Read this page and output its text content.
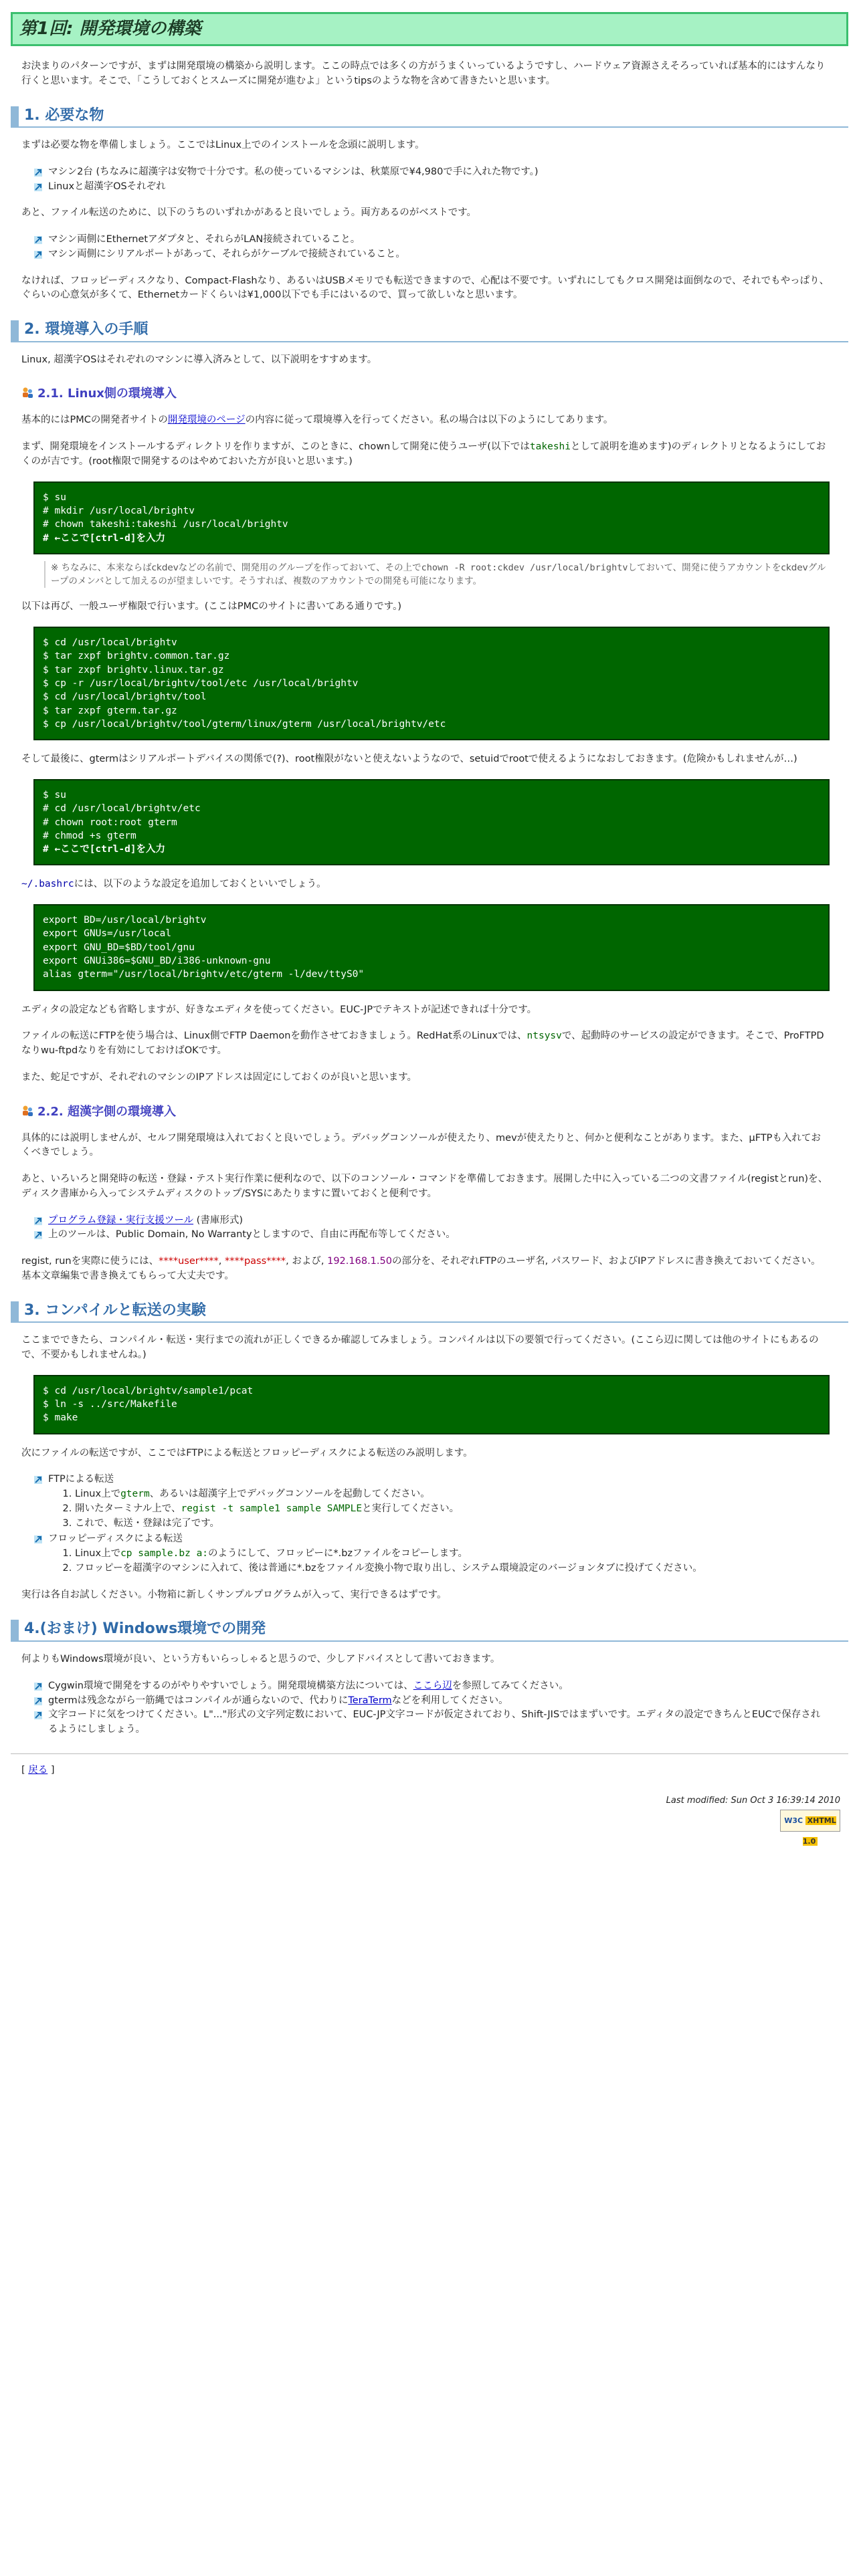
第1回: 開発環境の構築

お決まりのパターンですが、まずは開発環境の構築から説明します。ここの時点では多くの方がうまくいっているようですし、ハードウェア資源さえそろっていれば基本的にはすんなり行くと思います。そこで、「こうしておくとスムーズに開発が進むよ」というtipsのような物を含めて書きたいと思います。

1. 必要な物

まずは必要な物を準備しましょう。ここではLinux上でのインストールを念頭に説明します。

マシン2台 (ちなみに超漢字は安物で十分です。私の使っているマシンは、秋葉原で¥4,980で手に入れた物です。)
Linuxと超漢字OSそれぞれ

あと、ファイル転送のために、以下のうちのいずれかがあると良いでしょう。両方あるのがベストです。

マシン両側にEthernetアダプタと、それらがLAN接続されていること。
マシン両側にシリアルポートがあって、それらがケーブルで接続されていること。

なければ、フロッピーディスクなり、Compact-Flashなり、あるいはUSBメモリでも転送できますので、心配は不要です。いずれにしてもクロス開発は面倒なので、それでもやっぱり、ぐらいの心意気が多くて、Ethernetカードくらいは¥1,000以下でも手にはいるので、買って欲しいなと思います。

2. 環境導入の手順

Linux, 超漢字OSはそれぞれのマシンに導入済みとして、以下説明をすすめます。

2.1. Linux側の環境導入

基本的にはPMCの開発者サイトの開発環境のページの内容に従って環境導入を行ってください。私の場合は以下のようにしてあります。

まず、開発環境をインストールするディレクトリを作りますが、このときに、chownして開発に使うユーザ(以下ではtakeshiとして説明を進めます)のディレクトリとなるようにしておくのが吉です。(root権限で開発するのはやめておいた方が良いと思います。)

$ su
# mkdir /usr/local/brightv
# chown takeshi:takeshi /usr/local/brightv
# ←ここで[ctrl-d]を入力
※ ちなみに、本来ならばckdevなどの名前で、開発用のグループを作っておいて、その上でchown -R root:ckdev /usr/local/brightvしておいて、開発に使うアカウントをckdevグループのメンバとして加えるのが望ましいです。そうすれば、複数のアカウントでの開発も可能になります。

以下は再び、一般ユーザ権限で行います。(ここはPMCのサイトに書いてある通りです。)

$ cd /usr/local/brightv
$ tar zxpf brightv.common.tar.gz
$ tar zxpf brightv.linux.tar.gz
$ cp -r /usr/local/brightv/tool/etc /usr/local/brightv
$ cd /usr/local/brightv/tool
$ tar zxpf gterm.tar.gz
$ cp /usr/local/brightv/tool/gterm/linux/gterm /usr/local/brightv/etc

そして最後に、gtermはシリアルポートデバイスの関係で(?)、root権限がないと使えないようなので、setuidでrootで使えるようになおしておきます。(危険かもしれませんが…)

$ su
# cd /usr/local/brightv/etc
# chown root:root gterm
# chmod +s gterm
# ←ここで[ctrl-d]を入力

~/.bashrcには、以下のような設定を追加しておくといいでしょう。

export BD=/usr/local/brightv
export GNUs=/usr/local
export GNU_BD=$BD/tool/gnu
export GNUi386=$GNU_BD/i386-unknown-gnu
alias gterm="/usr/local/brightv/etc/gterm -l/dev/ttyS0"

エディタの設定なども省略しますが、好きなエディタを使ってください。EUC-JPでテキストが記述できれば十分です。

ファイルの転送にFTPを使う場合は、Linux側でFTP Daemonを動作させておきましょう。RedHat系のLinuxでは、ntsysvで、起動時のサービスの設定ができます。そこで、ProFTPDなりwu-ftpdなりを有効にしておけばOKです。

また、蛇足ですが、それぞれのマシンのIPアドレスは固定にしておくのが良いと思います。

2.2. 超漢字側の環境導入

具体的には説明しませんが、セルフ開発環境は入れておくと良いでしょう。デバッグコンソールが使えたり、mevが使えたりと、何かと便利なことがあります。また、μFTPも入れておくべきでしょう。

あと、いろいろと開発時の転送・登録・テスト実行作業に便利なので、以下のコンソール・コマンドを準備しておきます。展開した中に入っている二つの文書ファイル(registとrun)を、ディスク書庫から入ってシステムディスクのトップ/SYSにあたりますに置いておくと便利です。

プログラム登録・実行支援ツール (書庫形式)
上のツールは、Public Domain, No Warrantyとしますので、自由に再配布等してください。

regist, runを実際に使うには、****user****, ****pass****, および, 192.168.1.50の部分を、それぞれFTPのユーザ名, パスワード、およびIPアドレスに書き換えておいてください。基本文章編集で書き換えてもらって大丈夫です。

3. コンパイルと転送の実験

ここまでできたら、コンパイル・転送・実行までの流れが正しくできるか確認してみましょう。コンパイルは以下の要領で行ってください。(ここら辺に関しては他のサイトにもあるので、不要かもしれませんね。)

$ cd /usr/local/brightv/sample1/pcat
$ ln -s ../src/Makefile
$ make

次にファイルの転送ですが、ここではFTPによる転送とフロッピーディスクによる転送のみ説明します。

FTPによる転送
1. Linux上でgterm、あるいは超漢字上でデバッグコンソールを起動してください。
2. 開いたターミナル上で、regist -t sample1 sample SAMPLEと実行してください。
3. これで、転送・登録は完了です。
フロッピーディスクによる転送
1. Linux上でcp sample.bz a:のようにして、フロッピーに*.bzファイルをコピーします。
2. フロッピーを超漢字のマシンに入れて、後は普通に*.bzをファイル変換小物で取り出し、システム環境設定のバージョンタブに投げてください。

実行は各自お試しください。小物箱に新しくサンプルプログラムが入って、実行できるはずです。

4.(おまけ) Windows環境での開発

何よりもWindows環境が良い、という方もいらっしゃると思うので、少しアドバイスとして書いておきます。

Cygwin環境で開発をするのがやりやすいでしょう。開発環境構築方法については、ここら辺を参照してみてください。
gtermは残念ながら一筋縄ではコンパイルが通らないので、代わりにTeraTermなどを利用してください。
文字コードに気をつけてください。L"..."形式の文字列定数において、EUC-JP文字コードが仮定されており、Shift-JISではまずいです。エディタの設定できちんとEUCで保存されるようにしましょう。
[ 戻る ]
Last modified: Sun Oct 3 16:39:14 2010
W3C XHTML 1.0
